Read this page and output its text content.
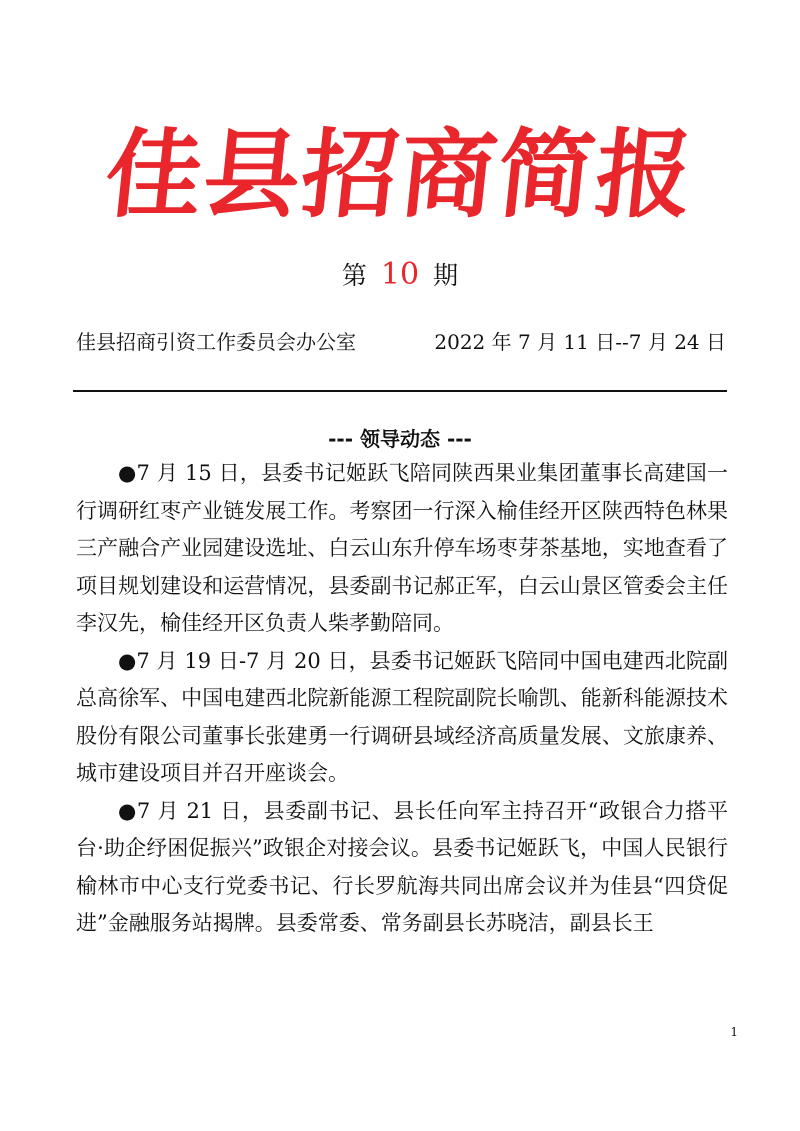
佳县招商简报
第 10 期
佳县招商引资工作委员会办公室	2022 年 7 月 11 日--7 月 24 日
--- 领导动态 ---

●7 月 15 日，县委书记姬跃飞陪同陕西果业集团董事长高建国一行调研红枣产业链发展工作。考察团一行深入榆佳经开区陕西特色林果三产融合产业园建设选址、白云山东升停车场枣芽茶基地，实地查看了项目规划建设和运营情况，县委副书记郝正军，白云山景区管委会主任李汉先，榆佳经开区负责人柴孝勤陪同。

●7 月 19 日-7 月 20 日，县委书记姬跃飞陪同中国电建西北院副总高徐军、中国电建西北院新能源工程院副院长喻凯、能新科能源技术股份有限公司董事长张建勇一行调研县域经济高质量发展、文旅康养、城市建设项目并召开座谈会。

●7 月 21 日，县委副书记、县长任向军主持召开“政银合力搭平台·助企纾困促振兴”政银企对接会议。县委书记姬跃飞，中国人民银行榆林市中心支行党委书记、行长罗航海共同出席会议并为佳县“四贷促进”金融服务站揭牌。县委常委、常务副县长苏晓洁，副县长王

1
